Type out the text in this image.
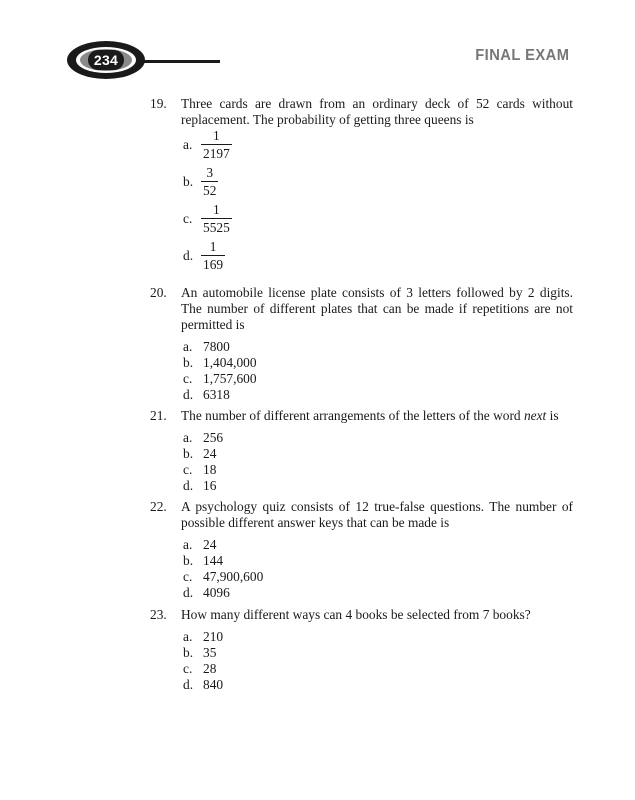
234	FINAL EXAM
19.	Three cards are drawn from an ordinary deck of 52 cards without replacement. The probability of getting three queens is
a. $\frac{1}{2197}$
b. $\frac{3}{52}$
c. $\frac{1}{5525}$
d. $\frac{1}{169}$
20.	An automobile license plate consists of 3 letters followed by 2 digits. The number of different plates that can be made if repetitions are not permitted is
a. 7800
b. 1,404,000
c. 1,757,600
d. 6318
21.	The number of different arrangements of the letters of the word next is
a. 256
b. 24
c. 18
d. 16
22.	A psychology quiz consists of 12 true-false questions. The number of possible different answer keys that can be made is
a. 24
b. 144
c. 47,900,600
d. 4096
23.	How many different ways can 4 books be selected from 7 books?
a. 210
b. 35
c. 28
d. 840
